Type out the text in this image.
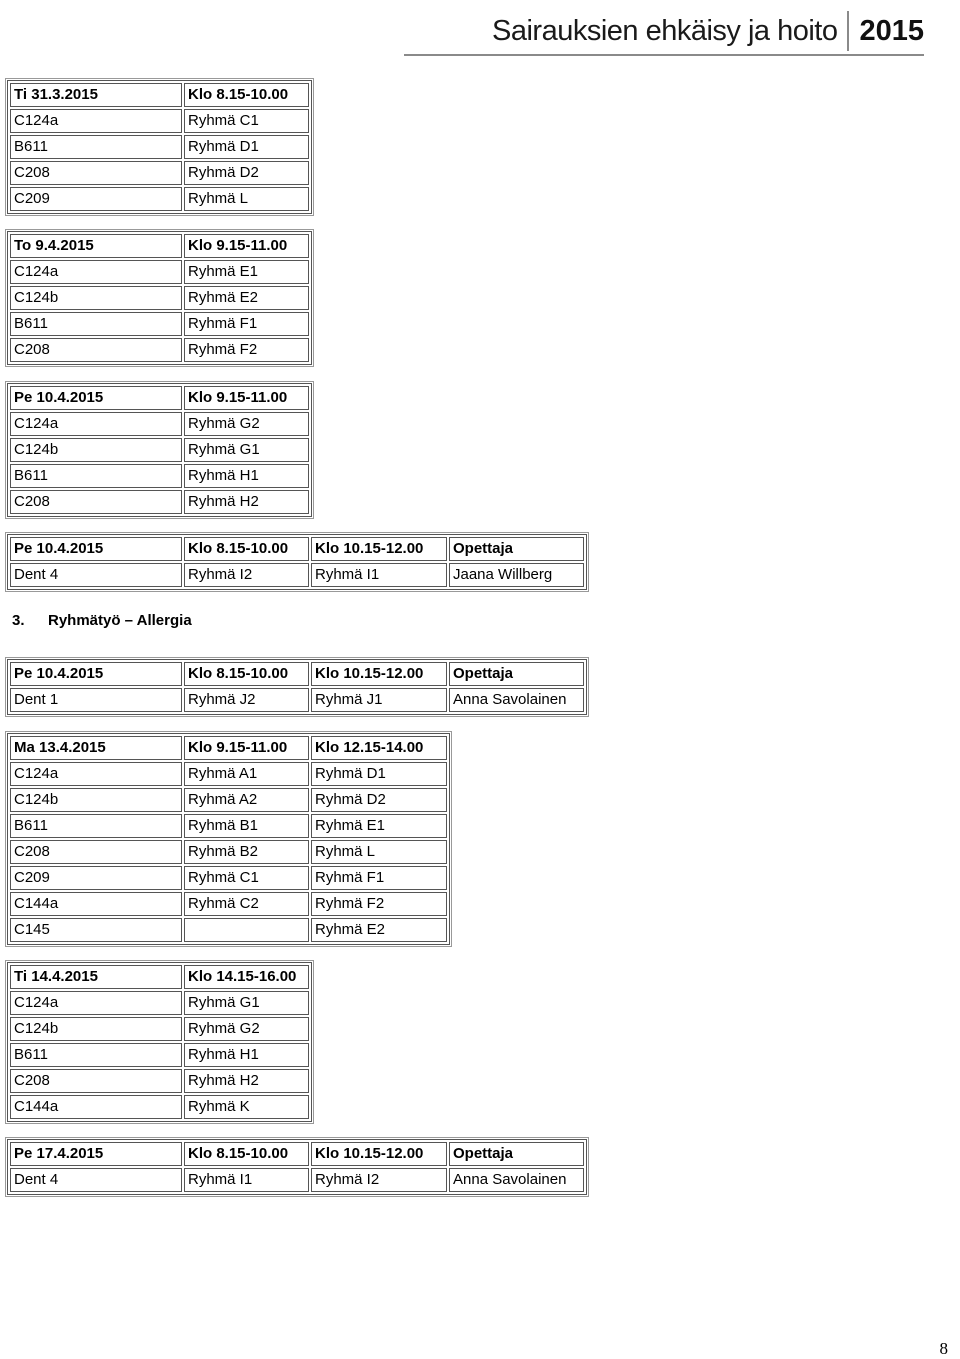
Sairauksien ehkäisy ja hoito 2015
Ti 31.3.2015	Klo 8.15-10.00
C124a	Ryhmä C1
B611	Ryhmä D1
C208	Ryhmä D2
C209	Ryhmä L
To 9.4.2015	Klo 9.15-11.00
C124a	Ryhmä E1
C124b	Ryhmä E2
B611	Ryhmä F1
C208	Ryhmä F2
Pe 10.4.2015	Klo 9.15-11.00
C124a	Ryhmä G2
C124b	Ryhmä G1
B611	Ryhmä H1
C208	Ryhmä H2
Pe 10.4.2015	Klo 8.15-10.00	Klo 10.15-12.00	Opettaja
Dent 4	Ryhmä I2	Ryhmä I1	Jaana Willberg
Pe 10.4.2015	Klo 8.15-10.00	Klo 10.15-12.00	Opettaja
Dent 1	Ryhmä J2	Ryhmä J1	Anna Savolainen
Ma 13.4.2015	Klo 9.15-11.00	Klo 12.15-14.00
C124a	Ryhmä A1	Ryhmä D1
C124b	Ryhmä A2	Ryhmä D2
B611	Ryhmä B1	Ryhmä E1
C208	Ryhmä B2	Ryhmä L
C209	Ryhmä C1	Ryhmä F1
C144a	Ryhmä C2	Ryhmä F2
C145		Ryhmä E2
Ti 14.4.2015	Klo 14.15-16.00
C124a	Ryhmä G1
C124b	Ryhmä G2
B611	Ryhmä H1
C208	Ryhmä H2
C144a	Ryhmä K
Pe 17.4.2015	Klo 8.15-10.00	Klo 10.15-12.00	Opettaja
Dent 4	Ryhmä I1	Ryhmä I2	Anna Savolainen
3. Ryhmätyö – Allergia
8
